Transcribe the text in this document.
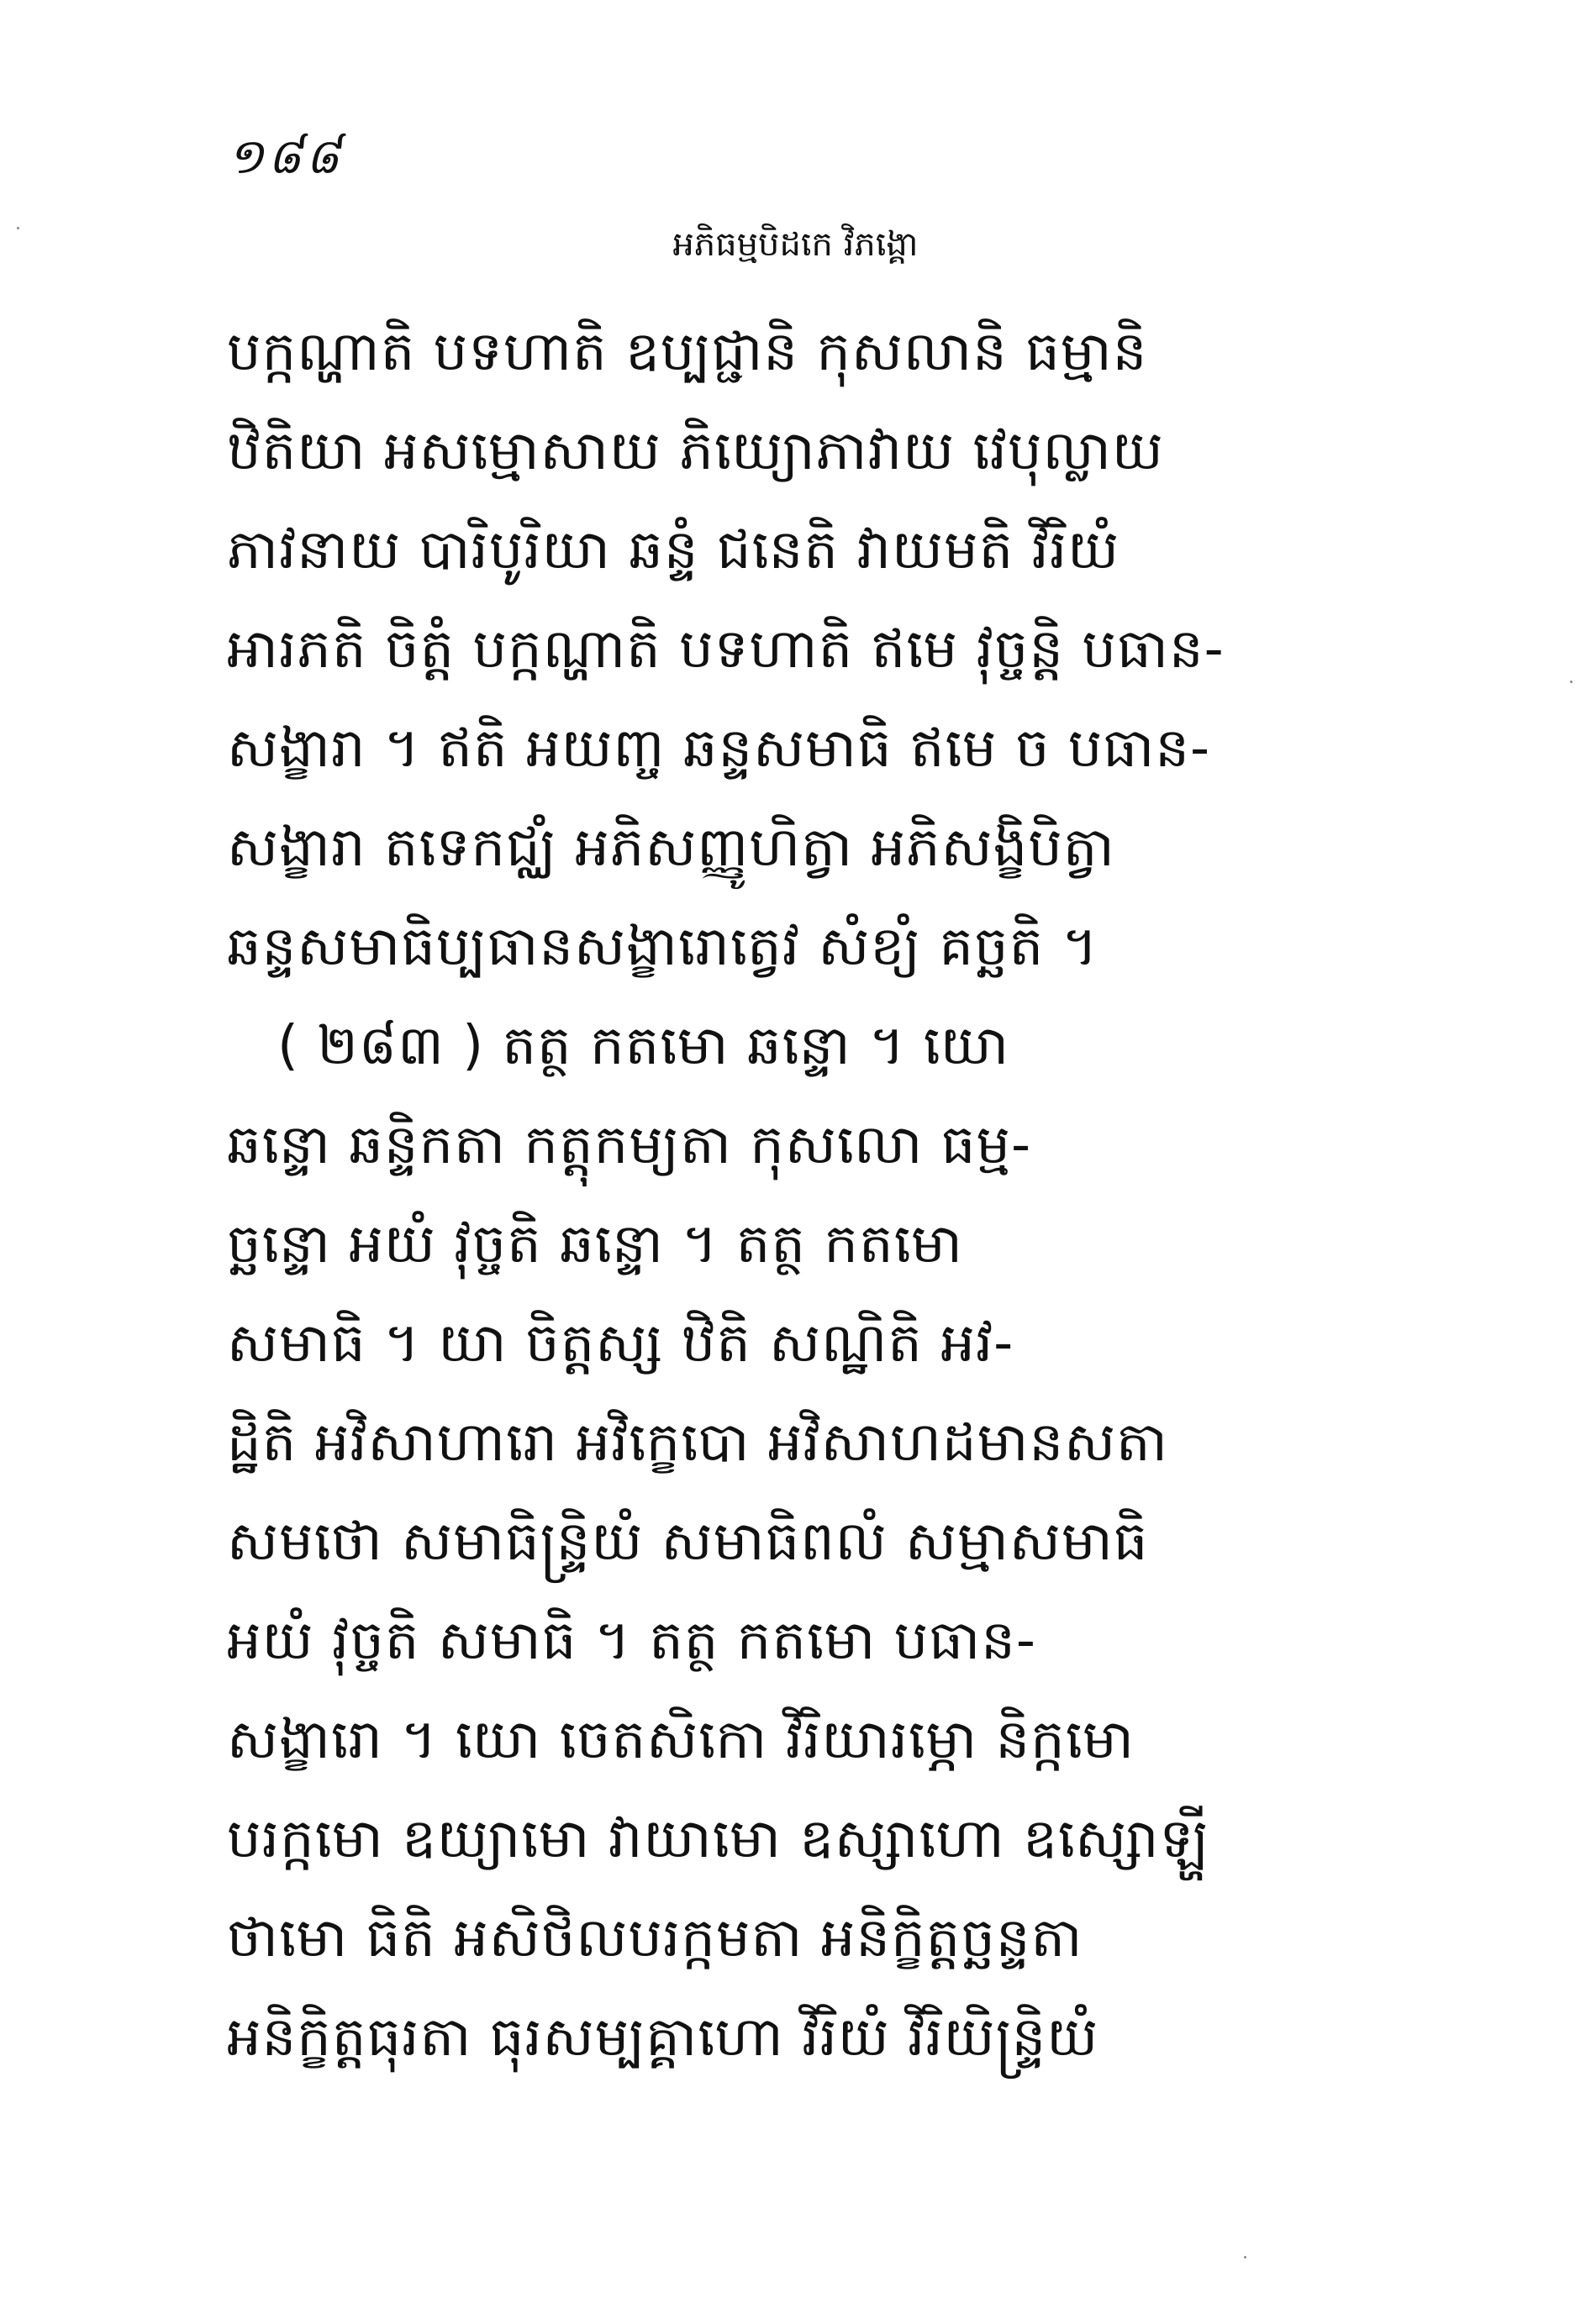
១៨៨
អភិធម្មបិដកេ វិភង្គោ
បក្កណ្ហាតិ បទហាតិ ឧប្បជ្ជានិ កុសលានិ ធម្មានិ
ឋិតិយា អសម្មោសាយ ភិយ្យោភាវាយ វេបុល្លាយ
ភាវនាយ បារិបូរិយា ឆន្ទំ ជនេតិ វាយមតិ វិរិយំ
អារភតិ ចិត្តំ បក្កណ្ហាតិ បទហាតិ ឥមេ វុច្ចន្តិ បធាន-
សង្ខារា ។ ឥតិ អយញ្ច ឆន្ទសមាធិ ឥមេ ច បធាន-
សង្ខារា តទេកជ្ឈំ អភិសញ្ញូហិត្វា អភិសង្ខិបិត្វា
ឆន្ទសមាធិប្បធានសង្ខារោត្វេវ សំខ្យំ គច្ឆតិ ។
( ២៨៣ ) តត្ថ កតមោ ឆន្ទោ ។ យោ
ឆន្ទោ ឆន្ទិកតា កត្តុកម្យតា កុសលោ ធម្ម-
ច្ឆន្ទោ អយំ វុច្ចតិ ឆន្ទោ ។ តត្ថ កតមោ
សមាធិ ។ យា ចិត្តស្ស ឋិតិ សណ្ឋិតិ អវ-
ដ្ឋិតិ អវិសាហារោ អវិក្ខេបោ អវិសាហដមានសតា
សមថោ សមាធិន្ទ្រិយំ សមាធិពលំ សម្មាសមាធិ
អយំ វុច្ចតិ សមាធិ ។ តត្ថ កតមោ បធាន-
សង្ខារោ ។ យោ ចេតសិកោ វិរិយារម្ភោ និក្កមោ
បរក្កមោ ឧយ្យាមោ វាយាមោ ឧស្សាហោ ឧស្សោឡ្ហី
ថាមោ ធិតិ អសិថិលបរក្កមតា អនិក្ខិត្តច្ឆន្ទតា
អនិក្ខិត្តធុរតា ធុរសម្បគ្គាហោ វិរិយំ វិរិយិន្ទ្រិយំ
